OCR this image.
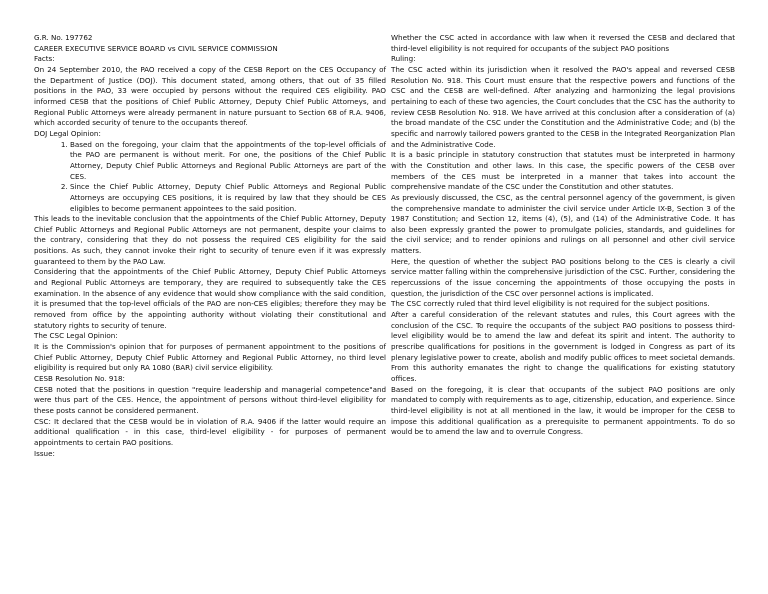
G.R. No. 197762

CAREER EXECUTIVE SERVICE BOARD vs CIVIL SERVICE COMMISSION

Facts:

On 24 September 2010, the PAO received a copy of the CESB Report on the CES Occupancy of the Department of Justice (DOJ). This document stated, among others, that out of 35 filled positions in the PAO, 33 were occupied by persons without the required CES eligibility. PAO informed CESB that the positions of Chief Public Attorney, Deputy Chief Public Attorneys, and Regional Public Attorneys were already permanent in nature pursuant to Section 68 of R.A. 9406, which accorded security of tenure to the occupants thereof.

DOJ Legal Opinion:

1. Based on the foregoing, your claim that the appointments of the top-level officials of the PAO are permanent is without merit. For one, the positions of the Chief Public Attorney, Deputy Chief Public Attorneys and Regional Public Attorneys are part of the CES.
2. Since the Chief Public Attorney, Deputy Chief Public Attorneys and Regional Public Attorneys are occupying CES positions, it is required by law that they should be CES eligibles to become permanent appointees to the said position.

This leads to the inevitable conclusion that the appointments of the Chief Public Attorney, Deputy Chief Public Attorneys and Regional Public Attorneys are not permanent, despite your claims to the contrary, considering that they do not possess the required CES eligibility for the said positions. As such, they cannot invoke their right to security of tenure even if it was expressly guaranteed to them by the PAO Law.

Considering that the appointments of the Chief Public Attorney, Deputy Chief Public Attorneys and Regional Public Attorneys are temporary, they are required to subsequently take the CES examination. In the absence of any evidence that would show compliance with the said condition, it is presumed that the top-level officials of the PAO are non-CES eligibles; therefore they may be removed from office by the appointing authority without violating their constitutional and statutory rights to security of tenure.

The CSC Legal Opinion:

It is the Commission's opinion that for purposes of permanent appointment to the positions of Chief Public Attorney, Deputy Chief Public Attorney and Regional Public Attorney, no third level eligibility is required but only RA 1080 (BAR) civil service eligibility.

CESB Resolution No. 918:

CESB noted that the positions in question "require leadership and managerial competence"and were thus part of the CES. Hence, the appointment of persons without third-level eligibility for these posts cannot be considered permanent.

CSC: It declared that the CESB would be in violation of R.A. 9406 if the latter would require an additional qualification - in this case, third-level eligibility - for purposes of permanent appointments to certain PAO positions.

Issue:

Whether the CSC acted in accordance with law when it reversed the CESB and declared that third-level eligibility is not required for occupants of the subject PAO positions

Ruling:

The CSC acted within its jurisdiction when it resolved the PAO's appeal and reversed CESB Resolution No. 918. This Court must ensure that the respective powers and functions of the CSC and the CESB are well-defined. After analyzing and harmonizing the legal provisions pertaining to each of these two agencies, the Court concludes that the CSC has the authority to review CESB Resolution No. 918. We have arrived at this conclusion after a consideration of (a) the broad mandate of the CSC under the Constitution and the Administrative Code; and (b) the specific and narrowly tailored powers granted to the CESB in the Integrated Reorganization Plan and the Administrative Code.

It is a basic principle in statutory construction that statutes must be interpreted in harmony with the Constitution and other laws. In this case, the specific powers of the CESB over members of the CES must be interpreted in a manner that takes into account the comprehensive mandate of the CSC under the Constitution and other statutes.

As previously discussed, the CSC, as the central personnel agency of the government, is given the comprehensive mandate to administer the civil service under Article IX-B, Section 3 of the 1987 Constitution; and Section 12, items (4), (5), and (14) of the Administrative Code. It has also been expressly granted the power to promulgate policies, standards, and guidelines for the civil service; and to render opinions and rulings on all personnel and other civil service matters.

Here, the question of whether the subject PAO positions belong to the CES is clearly a civil service matter falling within the comprehensive jurisdiction of the CSC. Further, considering the repercussions of the issue concerning the appointments of those occupying the posts in question, the jurisdiction of the CSC over personnel actions is implicated.

The CSC correctly ruled that third level eligibility is not required for the subject positions.

After a careful consideration of the relevant statutes and rules, this Court agrees with the conclusion of the CSC. To require the occupants of the subject PAO positions to possess third-level eligibility would be to amend the law and defeat its spirit and intent. The authority to prescribe qualifications for positions in the government is lodged in Congress as part of its plenary legislative power to create, abolish and modify public offices to meet societal demands. From this authority emanates the right to change the qualifications for existing statutory offices.

Based on the foregoing, it is clear that occupants of the subject PAO positions are only mandated to comply with requirements as to age, citizenship, education, and experience. Since third-level eligibility is not at all mentioned in the law, it would be improper for the CESB to impose this additional qualification as a prerequisite to permanent appointments. To do so would be to amend the law and to overrule Congress.
